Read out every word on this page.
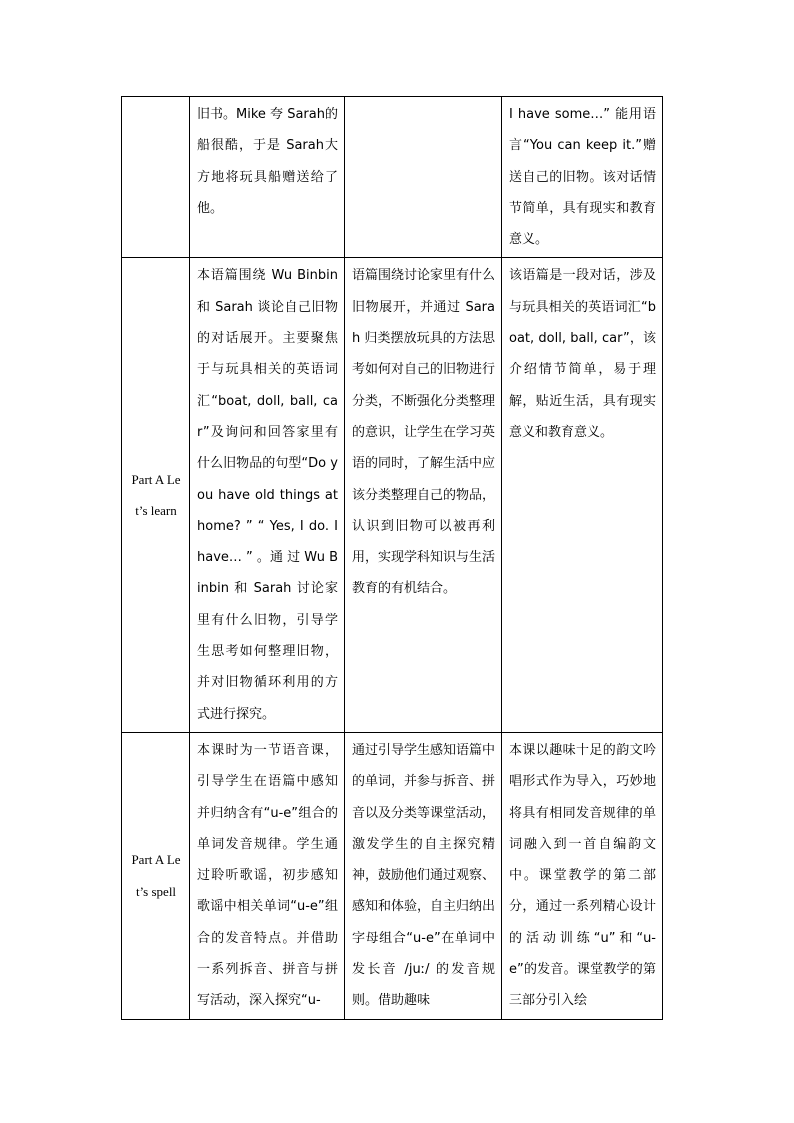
	旧书。Mike 夸 Sarah的船很酷，于是 Sarah大方地将玩具船赠送给了他。		I have some…” 能用语言“You can keep it.”赠送自己的旧物。该对话情节简单，具有现实和教育意义。
Part A Let’s learn	本语篇围绕 Wu Binbin和 Sarah 谈论自己旧物的对话展开。主要聚焦于与玩具相关的英语词汇“boat, doll, ball, car”及询问和回答家里有什么旧物品的句型“Do you have old things at home? ” “ Yes, I do. I have… ” 。通 过 Wu Binbin 和 Sarah 讨论家里有什么旧物，引导学生思考如何整理旧物，并对旧物循环利用的方式进行探究。	语篇围绕讨论家里有什么旧物展开，并通过 Sarah 归类摆放玩具的方法思考如何对自己的旧物进行分类，不断强化分类整理的意识，让学生在学习英语的同时，了解生活中应该分类整理自己的物品，认识到旧物可以被再利用，实现学科知识与生活教育的有机结合。	该语篇是一段对话，涉及与玩具相关的英语词汇“boat, doll, ball, car”，该介绍情节简单，易于理解，贴近生活，具有现实意义和教育意义。
Part A Let’s spell	本课时为一节语音课，引导学生在语篇中感知并归纳含有“u-e”组合的单词发音规律。学生通过聆听歌谣，初步感知歌谣中相关单词“u-e”组合的发音特点。并借助一系列拆音、拼音与拼写活动，深入探究“u-	通过引导学生感知语篇中的单词，并参与拆音、拼音以及分类等课堂活动，激发学生的自主探究精神，鼓励他们通过观察、感知和体验，自主归纳出字母组合“u-e”在单词中发长音 /juː/ 的发音规则。借助趣味	本课以趣味十足的韵文吟唱形式作为导入，巧妙地将具有相同发音规律的单词融入到一首自编韵文中。课堂教学的第二部分，通过一系列精心设计的活动训练“u”和“u-e”的发音。课堂教学的第三部分引入绘
